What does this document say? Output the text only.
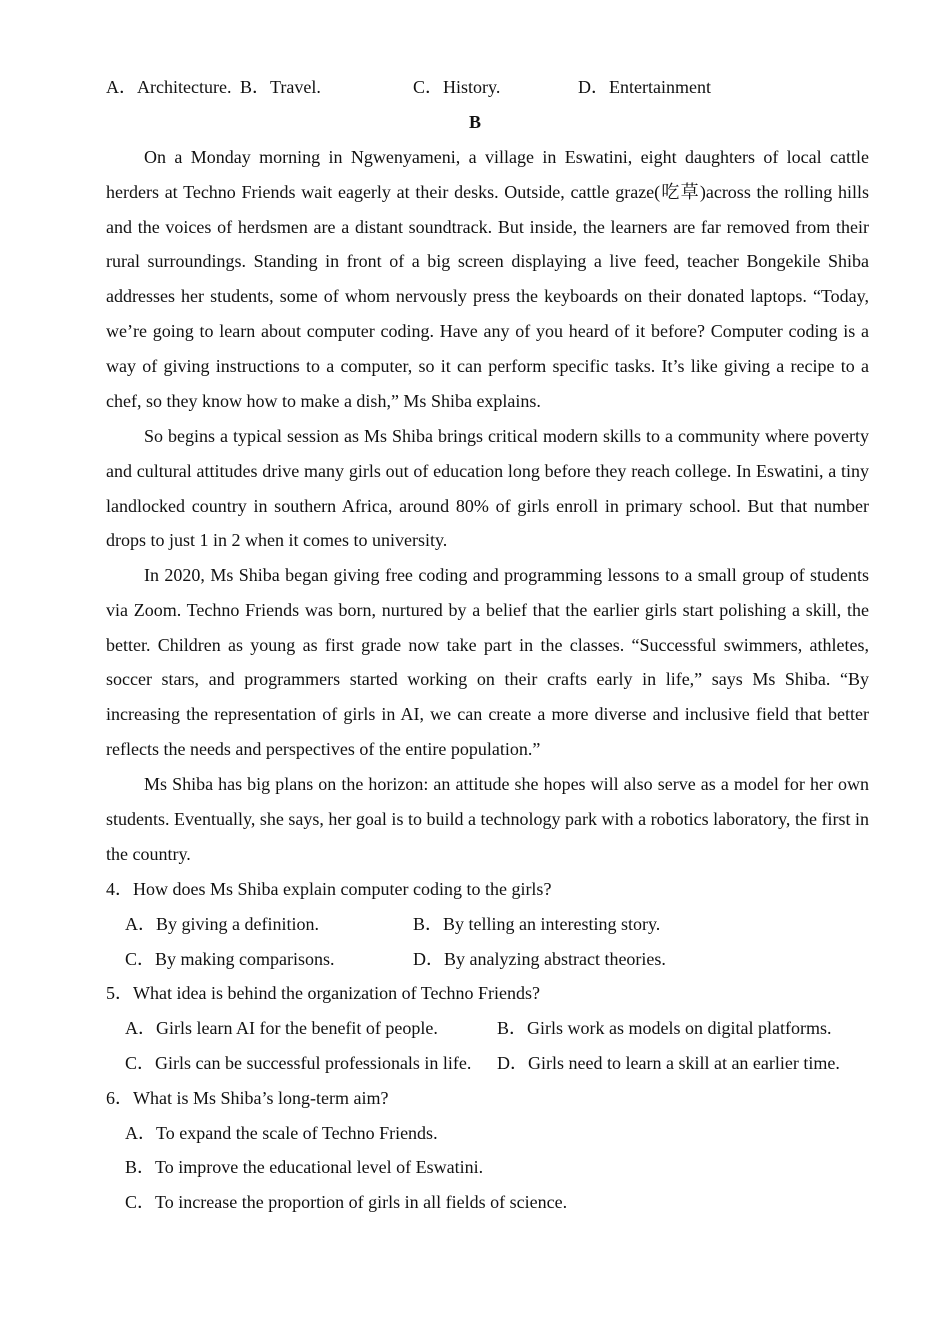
A．Architecture. B．Travel.	C．History.	D．Entertainment
B

On a Monday morning in Ngwenyameni, a village in Eswatini, eight daughters of local cattle herders at Techno Friends wait eagerly at their desks. Outside, cattle graze(吃草)across the rolling hills and the voices of herdsmen are a distant soundtrack. But inside, the learners are far removed from their rural surroundings. Standing in front of a big screen displaying a live feed, teacher Bongekile Shiba addresses her students, some of whom nervously press the keyboards on their donated laptops. “Today, we’re going to learn about computer coding. Have any of you heard of it before? Computer coding is a way of giving instructions to a computer, so it can perform specific tasks. It’s like giving a recipe to a chef, so they know how to make a dish,” Ms Shiba explains.

So begins a typical session as Ms Shiba brings critical modern skills to a community where poverty and cultural attitudes drive many girls out of education long before they reach college. In Eswatini, a tiny landlocked country in southern Africa, around 80% of girls enroll in primary school. But that number drops to just 1 in 2 when it comes to university.

In 2020, Ms Shiba began giving free coding and programming lessons to a small group of students via Zoom. Techno Friends was born, nurtured by a belief that the earlier girls start polishing a skill, the better. Children as young as first grade now take part in the classes. “Successful swimmers, athletes, soccer stars, and programmers started working on their crafts early in life,” says Ms Shiba. “By increasing the representation of girls in AI, we can create a more diverse and inclusive field that better reflects the needs and perspectives of the entire population.”

Ms Shiba has big plans on the horizon: an attitude she hopes will also serve as a model for her own students. Eventually, she says, her goal is to build a technology park with a robotics laboratory, the first in the country.

4．How does Ms Shiba explain computer coding to the girls?
A．By giving a definition.	B．By telling an interesting story.
C．By making comparisons.	D．By analyzing abstract theories.
5．What idea is behind the organization of Techno Friends?
A．Girls learn AI for the benefit of people.	B．Girls work as models on digital platforms.
C．Girls can be successful professionals in life. D．Girls need to learn a skill at an earlier time.
6．What is Ms Shiba’s long-term aim?
A．To expand the scale of Techno Friends.
B．To improve the educational level of Eswatini.
C．To increase the proportion of girls in all fields of science.
